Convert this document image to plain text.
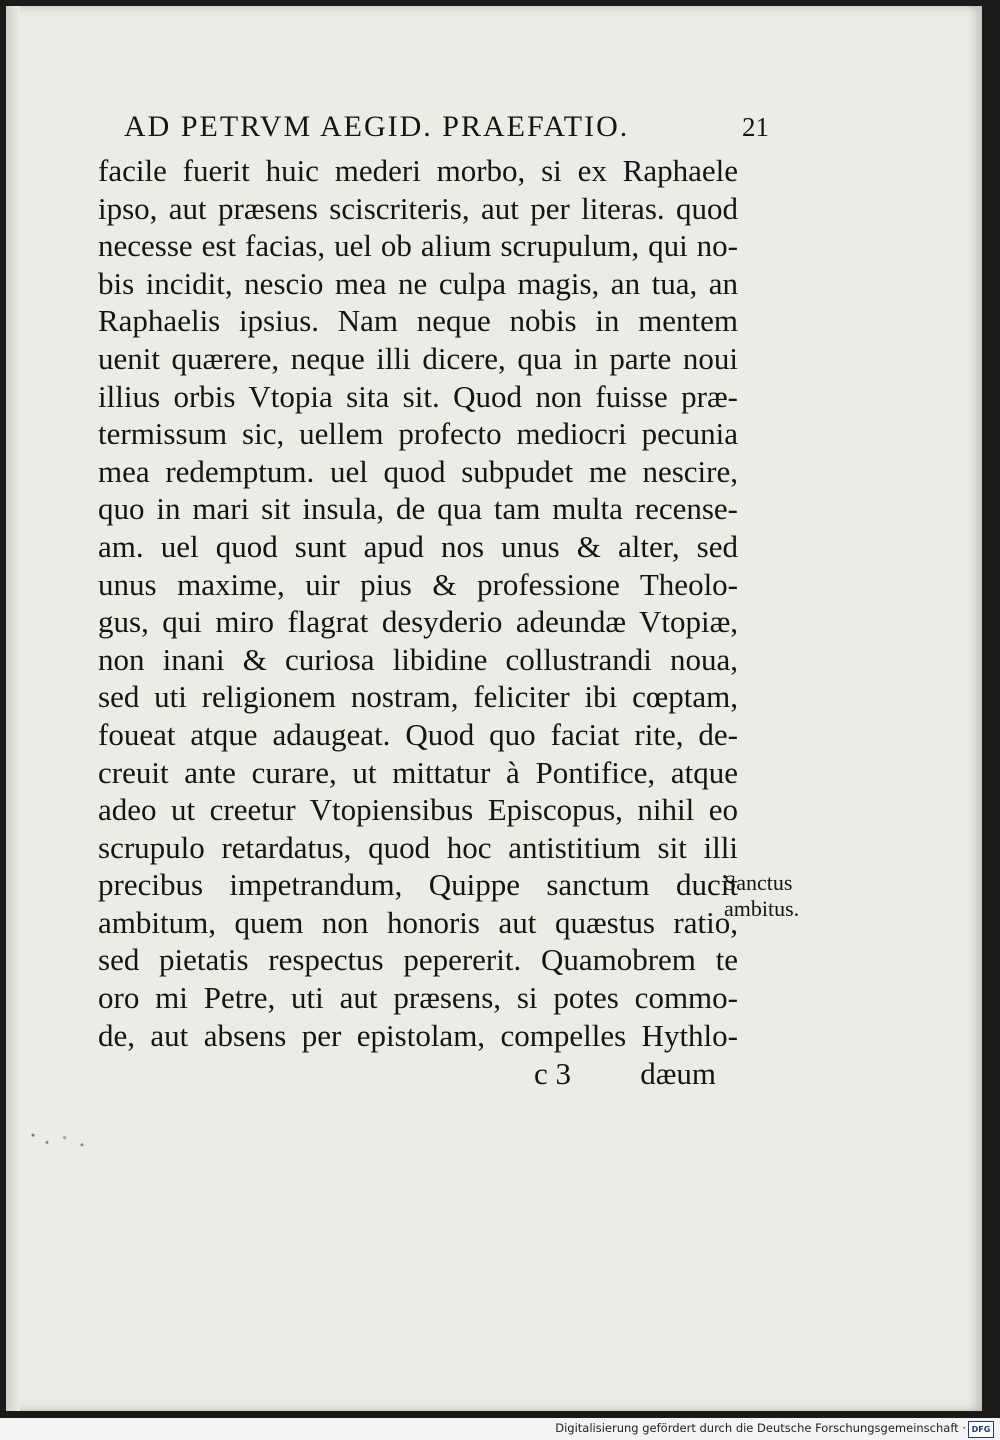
AD PETRVM AEGID. PRAEFATIO.	21
facile fuerit huic mederi morbo, si ex Raphaele
ipso, aut præsens sciscriteris, aut per literas. quod
necesse est facias, uel ob alium scrupulum, qui no-
bis incidit, nescio mea ne culpa magis, an tua, an
Raphaelis ipsius. Nam neque nobis in mentem
uenit quærere, neque illi dicere, qua in parte noui
illius orbis Vtopia sita sit. Quod non fuisse præ-
termissum sic, uellem profecto mediocri pecunia
mea redemptum. uel quod subpudet me nescire,
quo in mari sit insula, de qua tam multa recense-
am. uel quod sunt apud nos unus & alter, sed
unus maxime, uir pius & professione Theolo-
gus, qui miro flagrat desyderio adeundæ Vtopiæ,
non inani & curiosa libidine collustrandi noua,
sed uti religionem nostram, feliciter ibi cœptam,
foueat atque adaugeat. Quod quo faciat rite, de-
creuit ante curare, ut mittatur à Pontifice, atque
adeo ut creetur Vtopiensibus Episcopus, nihil eo
scrupulo retardatus, quod hoc antistitium sit illi
precibus impetrandum, Quippe sanctum ducit
ambitum, quem non honoris aut quæstus ratio,
sed pietatis respectus pepererit. Quamobrem te
oro mi Petre, uti aut præsens, si potes commo-
de, aut absens per epistolam, compelles Hythlo-
Sanctus
ambitus.
c 3 dæum
Digitalisierung gefördert durch die Deutsche Forschungsgemeinschaft · DFG
